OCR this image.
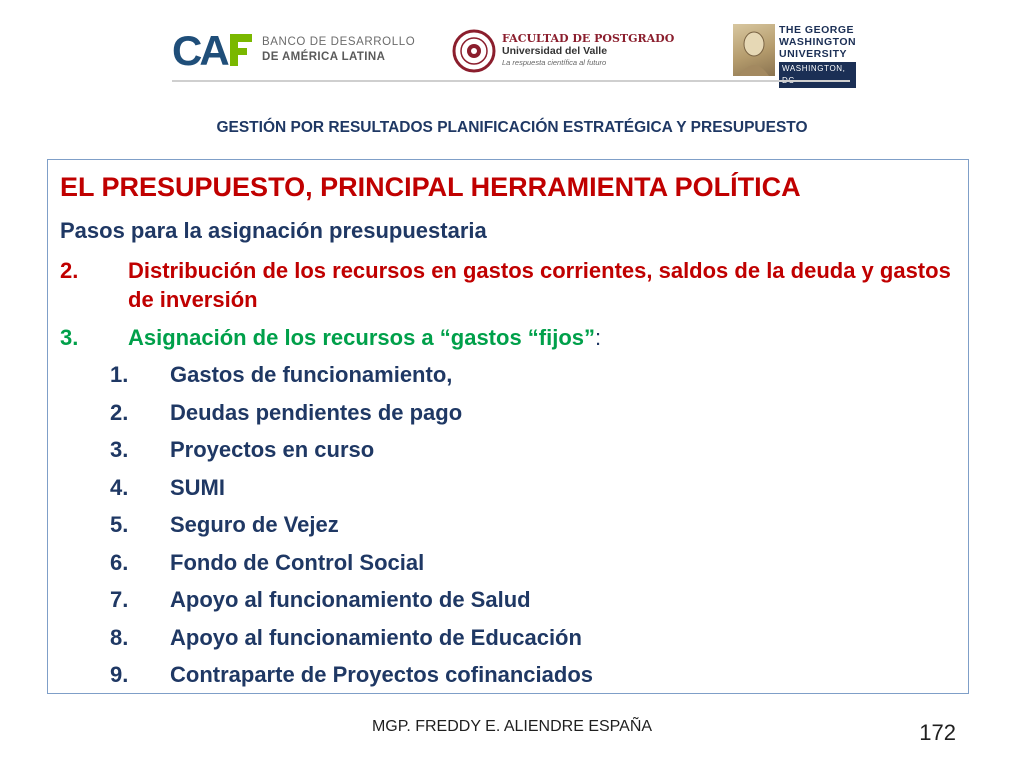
CA	BANCO DE DESARROLLO
DE AMÉRICA LATINA
FACULTAD DE POSTGRADO
Universidad del Valle
La respuesta científica al futuro
THE GEORGE
WASHINGTON
UNIVERSITY
WASHINGTON,
GESTIÓN POR RESULTADOS PLANIFICACIÓN ESTRATÉGICA Y PRESUPUESTO
EL PRESUPUESTO, PRINCIPAL HERRAMIENTA POLÍTICA
Pasos para la asignación presupuestaria
2. Distribución de los recursos en gastos corrientes, saldos de la deuda y gastos de inversión
3. Asignación de los recursos a “gastos “fijos”:
1. Gastos de funcionamiento,
2. Deudas pendientes de pago
3. Proyectos en curso
4. SUMI
5. Seguro de Vejez
6. Fondo de Control Social
7. Apoyo al funcionamiento de Salud
8. Apoyo al funcionamiento de Educación
9. Contraparte de Proyectos cofinanciados
MGP. FREDDY E. ALIENDRE ESPAÑA	172
